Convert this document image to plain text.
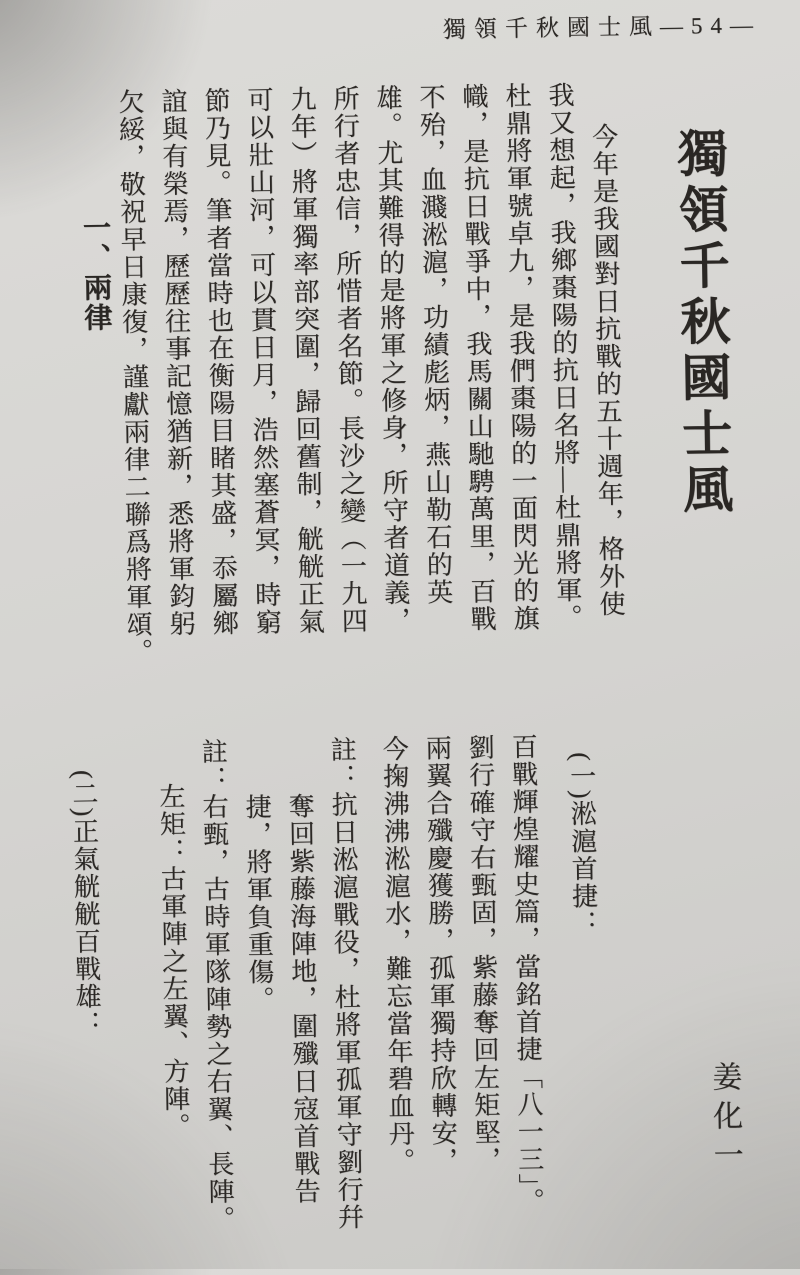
獨領千秋國士風—54—
獨領千秋國士風
姜化一

今年是我國對日抗戰的五十週年，格外使

我又想起，我鄉棗陽的抗日名將—杜鼎將軍。

杜鼎將軍號卓九，是我們棗陽的一面閃光的旗

幟，是抗日戰爭中，我馬關山馳騁萬里，百戰

不殆，血濺淞滬，功績彪炳，燕山勒石的英

雄。尤其難得的是將軍之修身，所守者道義，

所行者忠信，所惜者名節。長沙之變（一九四

九年）將軍獨率部突圍，歸回舊制，觥觥正氣

可以壯山河，可以貫日月，浩然塞蒼冥，時窮

節乃見。筆者當時也在衡陽目睹其盛，忝屬鄉

誼與有榮焉，歷歷往事記憶猶新，悉將軍鈞躬

欠綏，敬祝早日康復，謹獻兩律二聯爲將軍頌。

一、兩律
(一)淞滬首捷：

百戰輝煌耀史篇，當銘首捷「八一三」。

劉行確守右甄固，紫藤奪回左矩堅，

兩翼合殲慶獲勝，孤軍獨持欣轉安，

今掬沸沸淞滬水，難忘當年碧血丹。

註：抗日淞滬戰役，杜將軍孤軍守劉行幷

奪回紫藤海陣地，圍殲日寇首戰告

捷，將軍負重傷。

註：右甄，古時軍隊陣勢之右翼、長陣。

左矩：古軍陣之左翼、方陣。

(二)正氣觥觥百戰雄：
